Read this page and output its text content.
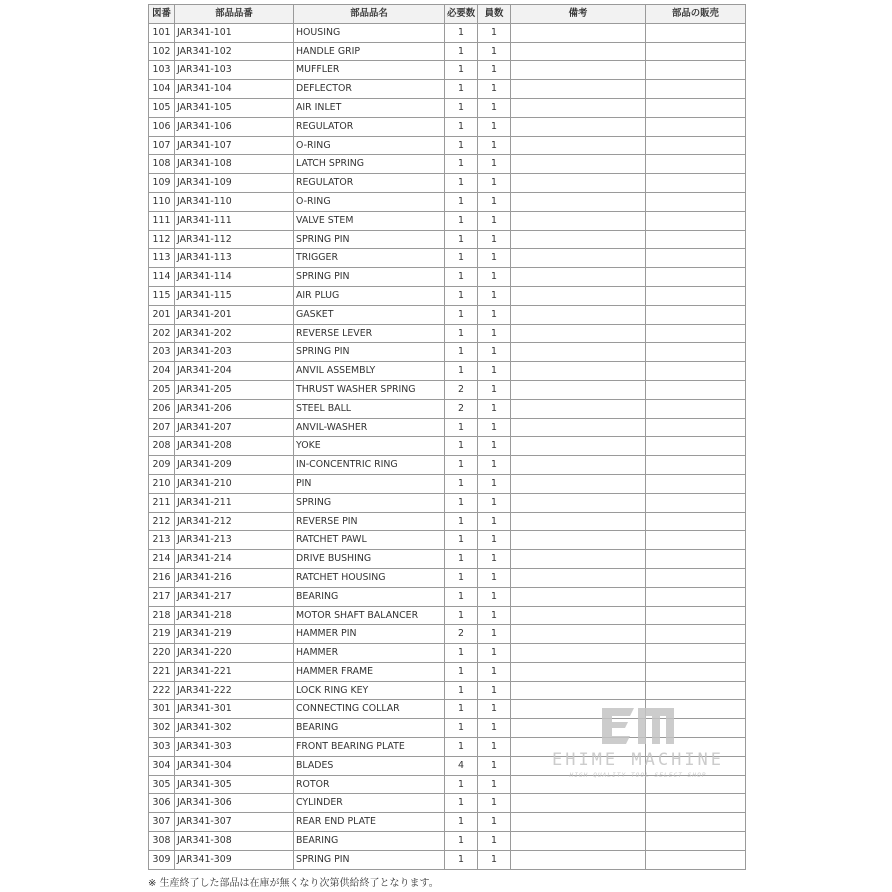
図番	部品品番	部品品名	必要数	員数	備考	部品の販売
101	JAR341-101	HOUSING	1	1		
102	JAR341-102	HANDLE GRIP	1	1		
103	JAR341-103	MUFFLER	1	1		
104	JAR341-104	DEFLECTOR	1	1		
105	JAR341-105	AIR INLET	1	1		
106	JAR341-106	REGULATOR	1	1		
107	JAR341-107	O-RING	1	1		
108	JAR341-108	LATCH SPRING	1	1		
109	JAR341-109	REGULATOR	1	1		
110	JAR341-110	O-RING	1	1		
111	JAR341-111	VALVE STEM	1	1		
112	JAR341-112	SPRING PIN	1	1		
113	JAR341-113	TRIGGER	1	1		
114	JAR341-114	SPRING PIN	1	1		
115	JAR341-115	AIR PLUG	1	1		
201	JAR341-201	GASKET	1	1		
202	JAR341-202	REVERSE LEVER	1	1		
203	JAR341-203	SPRING PIN	1	1		
204	JAR341-204	ANVIL ASSEMBLY	1	1		
205	JAR341-205	THRUST WASHER SPRING	2	1		
206	JAR341-206	STEEL BALL	2	1		
207	JAR341-207	ANVIL-WASHER	1	1		
208	JAR341-208	YOKE	1	1		
209	JAR341-209	IN-CONCENTRIC RING	1	1		
210	JAR341-210	PIN	1	1		
211	JAR341-211	SPRING	1	1		
212	JAR341-212	REVERSE PIN	1	1		
213	JAR341-213	RATCHET PAWL	1	1		
214	JAR341-214	DRIVE BUSHING	1	1		
216	JAR341-216	RATCHET HOUSING	1	1		
217	JAR341-217	BEARING	1	1		
218	JAR341-218	MOTOR SHAFT BALANCER	1	1		
219	JAR341-219	HAMMER PIN	2	1		
220	JAR341-220	HAMMER	1	1		
221	JAR341-221	HAMMER FRAME	1	1		
222	JAR341-222	LOCK RING KEY	1	1		
301	JAR341-301	CONNECTING COLLAR	1	1		
302	JAR341-302	BEARING	1	1		
303	JAR341-303	FRONT BEARING PLATE	1	1		
304	JAR341-304	BLADES	4	1		
305	JAR341-305	ROTOR	1	1		
306	JAR341-306	CYLINDER	1	1		
307	JAR341-307	REAR END PLATE	1	1		
308	JAR341-308	BEARING	1	1		
309	JAR341-309	SPRING PIN	1	1		
※ 生産終了した部品は在庫が無くなり次第供給終了となります。
EHIME MACHINE
HIGH QUALITY TOOL SELECT SHOP
